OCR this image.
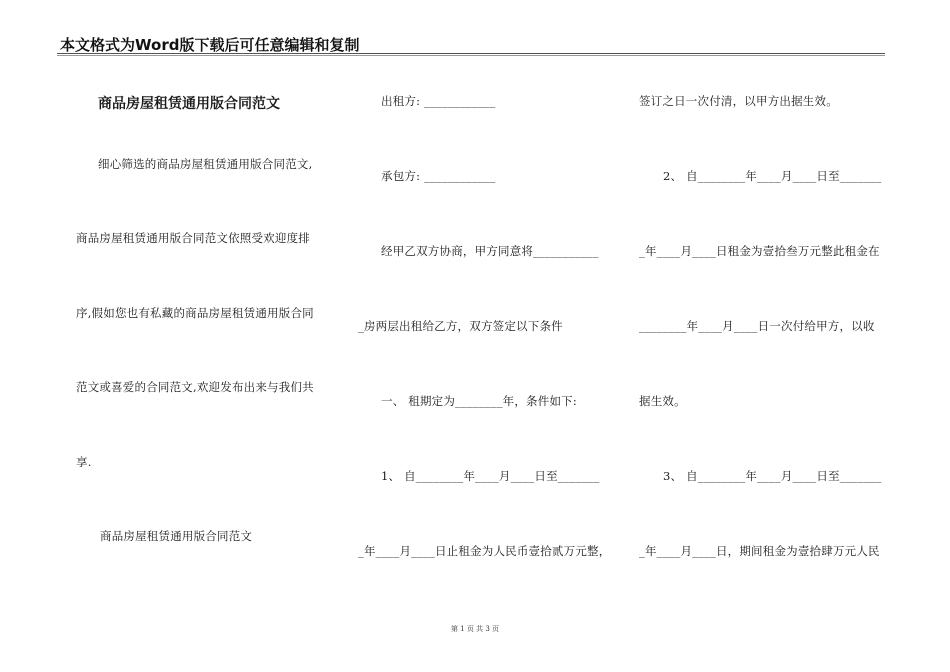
本文格式为Word版下载后可任意编辑和复制
商品房屋租赁通用版合同范文
细心筛选的商品房屋租赁通用版合同范文,
商品房屋租赁通用版合同范文依照受欢迎度排
序,假如您也有私藏的商品房屋租赁通用版合同
范文或喜爱的合同范文,欢迎发布出来与我们共
享.
商品房屋租赁通用版合同范文
出租方: ____________
承包方: ____________
经甲乙双方协商，甲方同意将___________
_房两层出租给乙方，双方签定以下条件
一、 租期定为________年，条件如下:
1、 自________年____月____日至_______
_年____月____日止租金为人民币壹拾贰万元整，
签订之日一次付清，以甲方出据生效。
2、 自________年____月____日至_______
_年____月____日租金为壹拾叁万元整此租金在
________年____月____日一次付给甲方，以收
据生效。
3、 自________年____月____日至_______
_年____月____日，期间租金为壹拾肆万元人民
第 1 页 共 3 页
